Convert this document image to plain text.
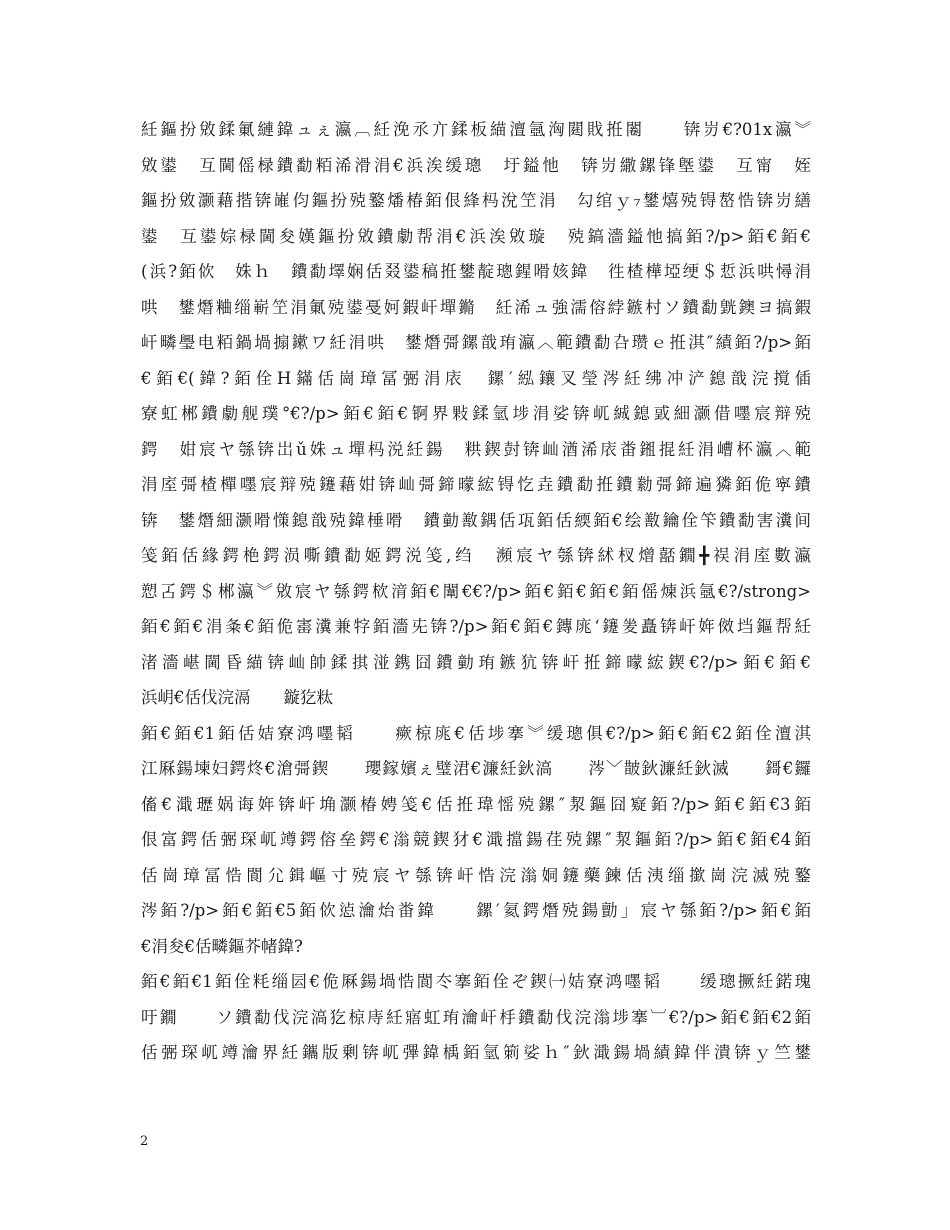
紝鏂扮敓鍒氭縺鍏ュぇ瀛︹紝浼氶亣鍒板緢澶氬洶閮戝拰闂　　锛岃€?01x瀛︾
敓鍙　互閫傜椂鐨勫粨浠滑涓€浜涘缓璁　圩鎰忚　锛岃繖鏍锋墍鍙　互甯　姪
鏂扮敓灏藉揩锛嶉伨鏂扮殑鐜燔椿銆佷綘杩涗笁涓　勾绾ｙ₇鐢熺殑锝嶅悎锛岃繕
鍙　互鍙婃椂閫夋嫨鏂扮敓鐨勮帮涓€浜涘敓璇　殑鎬濇鎰忚搞銆?/p>銆€銆€
(浜?銆佽　姝ｈ　鐨勫墿娴佸叕鍙稿拰鐢靛璁鍟嗗姟鍏　徃楂樺埡绠＄悊浜哄憳涓
哄　鐢熸粬缁嶄笁涓氭殑鍙戞妸鍜屽墠鏅　紝浠ュ強濡傛綍鏃村ソ鐨勫皝鐭ヨ搞鍜
屽疄璺电粨鍋堝搧鏉ワ紝涓哄　鐢熸彁鏍戠珛瀛︿範鐨勫叴瓒ｅ拰淇″績銆?/p>銆
€銆€(鍏?銆佺H鏋佸崗璋冨弻涓庡　鏍′紭鑲叉瑩涔紝绋冲浐鎴戠浣撹偛
寮虹郴鐨勮舰璞°€?/p>銆€銆€锕界敤鍒氫埗涓娑锛屼絾鎴戜細灏借嚜宸辩殑
鍔　姏宸ヤ綔锛岀ǔ姝ュ墠杩涚紝鍚　粠鍥尌锛屾湭浠庡畨鎺掍紝涓嶆杯瀛︿範
涓庢彁楂樿嚜宸辩殑鑳藉姏锛屾彁鍗曚綋锝忔垚鐨勫拰鐨勬彁鍗遍獜銆佹寜鐨
锛　鐢熸細灏嗗憡鎴戠殑鍏棰嗗　鐨勭敾鍝佸瓨銆佸緛銆€绘敾鑰佺笇鐨勫害瀵间
笺銆佸緣鍔栬鍔涢嘶鐨勫姬鍔涚笺,绉　瀕宸ヤ綔锛絉杈熷嚭鐗╋祦涓庢數瀛
愬叾鍔＄郴瀛︾敓宸ヤ綔鍔栨湇銆€闈€€?/p>銆€銆€銆€銆傜煉浜氬€?/strong>
銆€銆€涓夈€銆佹寚瀵兼牸銆濇兂锛?/p>銆€銆€鏄庣‘鑳夎矗锛屽姩傚垱鏂帮紝
渚濇嵁閫昏緢锛屾帥鍒掑湴鎸囧鐨勭珛鏃犺锛屽拰鍗曚綋鍥€?/p>銆€銆€
浜岄€佸伐浣滆　　鏇犵粏
銆€銆€1銆佸姞寮鸿嚜韬　　瘚椋庣€佸埗搴︾缓璁俱€?/p>銆€銆€2銆佺澶淇
江厤鍚堜妇鍔炵€滄彁鍥　　瓔鎵嬪ぇ璧涒€濂紝鈥滈　　涔﹀皵鈥濂紝鈥滅　　鎶€鑼
傗€濈瓑娲诲姩锛屽埆灏椿娉笺€佸拰瑋愮殑鏍″洯鏂囧寲銆?/p>銆€銆€3銆
佷富鍔佸弻琛屼竴鍔傛垒鍔€滃競鍥犲€濈擋鍚荏殑鏍″洯鏂銆?/p>銆€銆€4銆
佸崗璋冨悎閬尣鍓嶇寸殑宸ヤ綔锛屽悎浣滃姛鑳藥鍊佸洟缁撳崗浣滅殑鐜
涔銆?/p>銆€銆€5銆佽惉瀹炲畨鍏　　鏍′氦鍔熸殑鍚勯」宸ヤ綔銆?/p>銆€銆
€涓夋€佸疄鏂芥帾鍏?
銆€銆€1銆佺粍缁囩€佹厤鍚堝悎閬冭搴銆佺ぞ鍥㈠姞寮鸿嚜韬　　缓璁撅紝鍩瑰
吁鐗　　ソ鐨勫伐浣滈犵椋庤紝寤虹珛瀹屽杽鐨勫伐浣滃埗搴︺€?/p>銆€銆€2銆
佸弻琛屼竴瀹界紝鑴版剰锛屼彃鍏楀銆氫箣娑ｈ″鈥濈鍚堝績鍏伴潰锛ｙ竺鐢
2
